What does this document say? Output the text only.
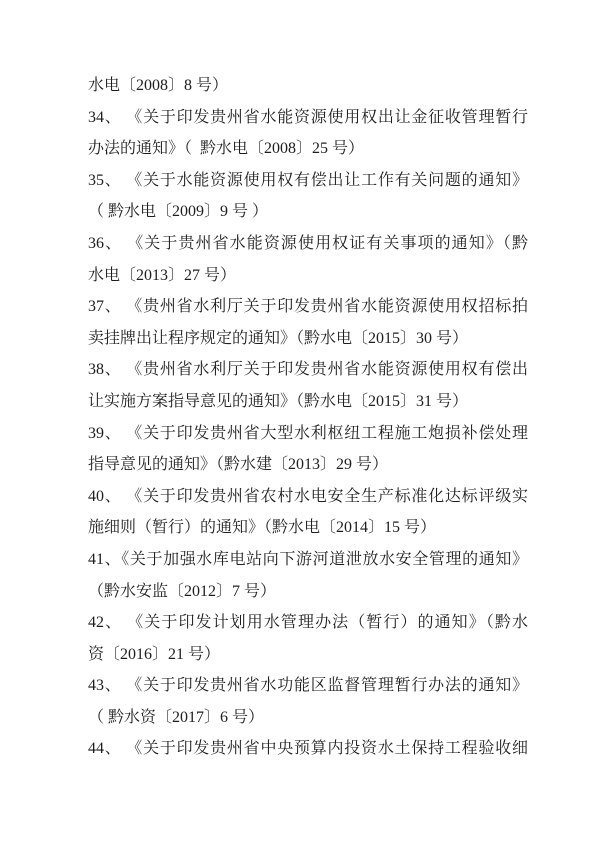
水电〔2008〕8 号）
34、 《关于印发贵州省水能资源使用权出让金征收管理暂行
办法的通知》（  黔水电〔2008〕25 号）
35、 《关于水能资源使用权有偿出让工作有关问题的通知》
（ 黔水电〔2009〕9 号 ）
36、 《关于贵州省水能资源使用权证有关事项的通知》（黔
水电〔2013〕27 号）
37、 《贵州省水利厅关于印发贵州省水能资源使用权招标拍
卖挂牌出让程序规定的通知》（黔水电〔2015〕30 号）
38、 《贵州省水利厅关于印发贵州省水能资源使用权有偿出
让实施方案指导意见的通知》（黔水电〔2015〕31 号）
39、 《关于印发贵州省大型水利枢纽工程施工炮损补偿处理
指导意见的通知》（黔水建〔2013〕29 号）
40、 《关于印发贵州省农村水电安全生产标准化达标评级实
施细则（暂行）的通知》（黔水电〔2014〕15 号）
41、《关于加强水库电站向下游河道泄放水安全管理的通知》
（黔水安监〔2012〕7 号）
42、 《关于印发计划用水管理办法（暂行）的通知》（黔水
资〔2016〕21 号）
43、 《关于印发贵州省水功能区监督管理暂行办法的通知》
（ 黔水资〔2017〕6 号）
44、 《关于印发贵州省中央预算内投资水土保持工程验收细
